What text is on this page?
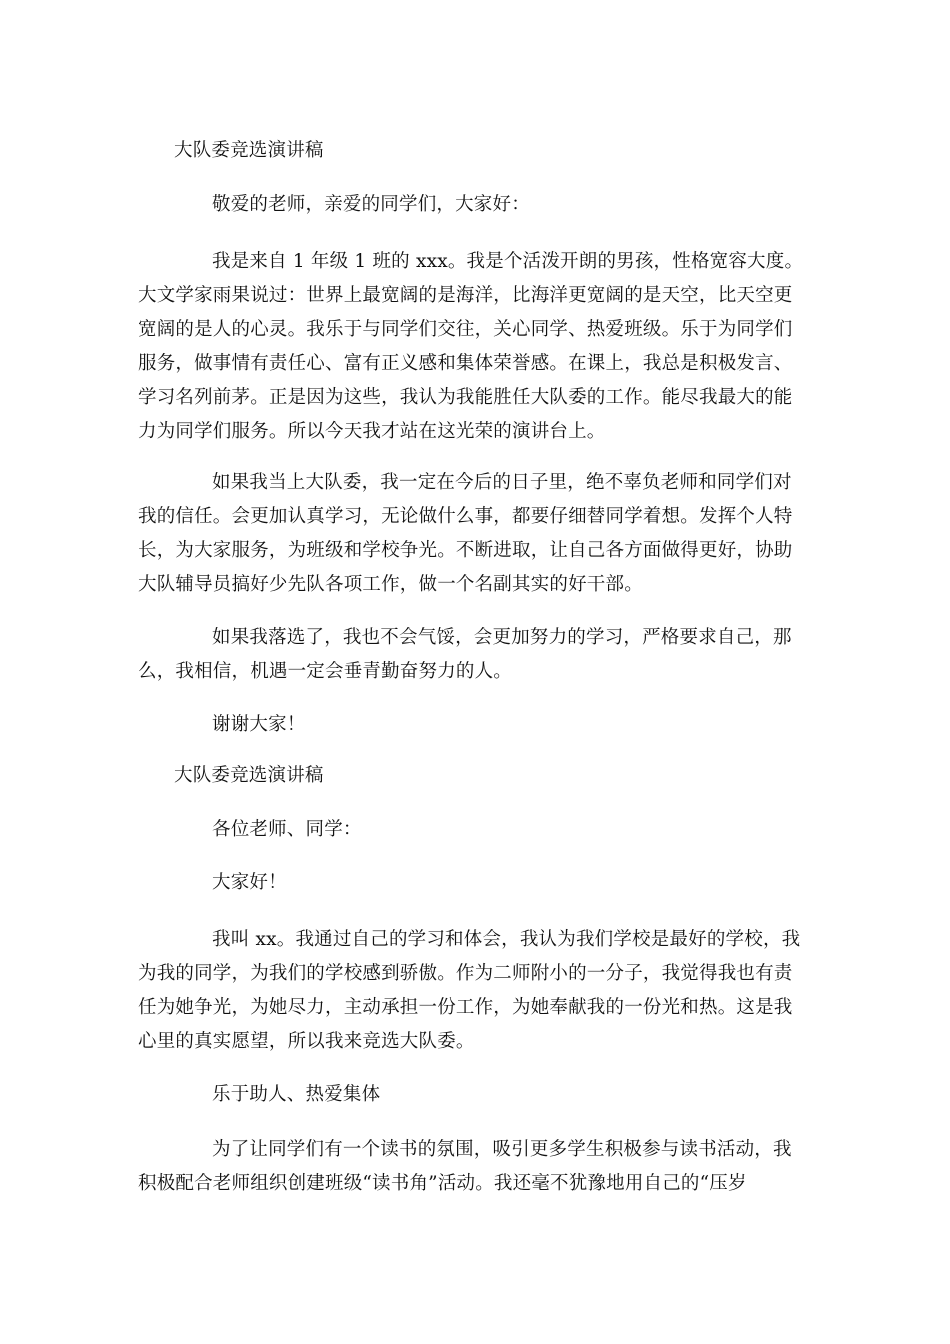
大队委竞选演讲稿
敬爱的老师，亲爱的同学们，大家好：
我是来自 1 年级 1 班的 xxx。我是个活泼开朗的男孩，性格宽容大度。
大文学家雨果说过：世界上最宽阔的是海洋，比海洋更宽阔的是天空，比天空更
宽阔的是人的心灵。我乐于与同学们交往，关心同学、热爱班级。乐于为同学们
服务，做事情有责任心、富有正义感和集体荣誉感。在课上，我总是积极发言、
学习名列前茅。正是因为这些，我认为我能胜任大队委的工作。能尽我最大的能
力为同学们服务。所以今天我才站在这光荣的演讲台上。
如果我当上大队委，我一定在今后的日子里，绝不辜负老师和同学们对
我的信任。会更加认真学习，无论做什么事，都要仔细替同学着想。发挥个人特
长，为大家服务，为班级和学校争光。不断进取，让自己各方面做得更好，协助
大队辅导员搞好少先队各项工作，做一个名副其实的好干部。
如果我落选了，我也不会气馁，会更加努力的学习，严格要求自己，那
么，我相信，机遇一定会垂青勤奋努力的人。
谢谢大家！
大队委竞选演讲稿
各位老师、同学：
大家好！
我叫 xx。我通过自己的学习和体会，我认为我们学校是最好的学校，我
为我的同学，为我们的学校感到骄傲。作为二师附小的一分子，我觉得我也有责
任为她争光，为她尽力，主动承担一份工作，为她奉献我的一份光和热。这是我
心里的真实愿望，所以我来竞选大队委。
乐于助人、热爱集体
为了让同学们有一个读书的氛围，吸引更多学生积极参与读书活动，我
积极配合老师组织创建班级“读书角”活动。我还毫不犹豫地用自己的“压岁
